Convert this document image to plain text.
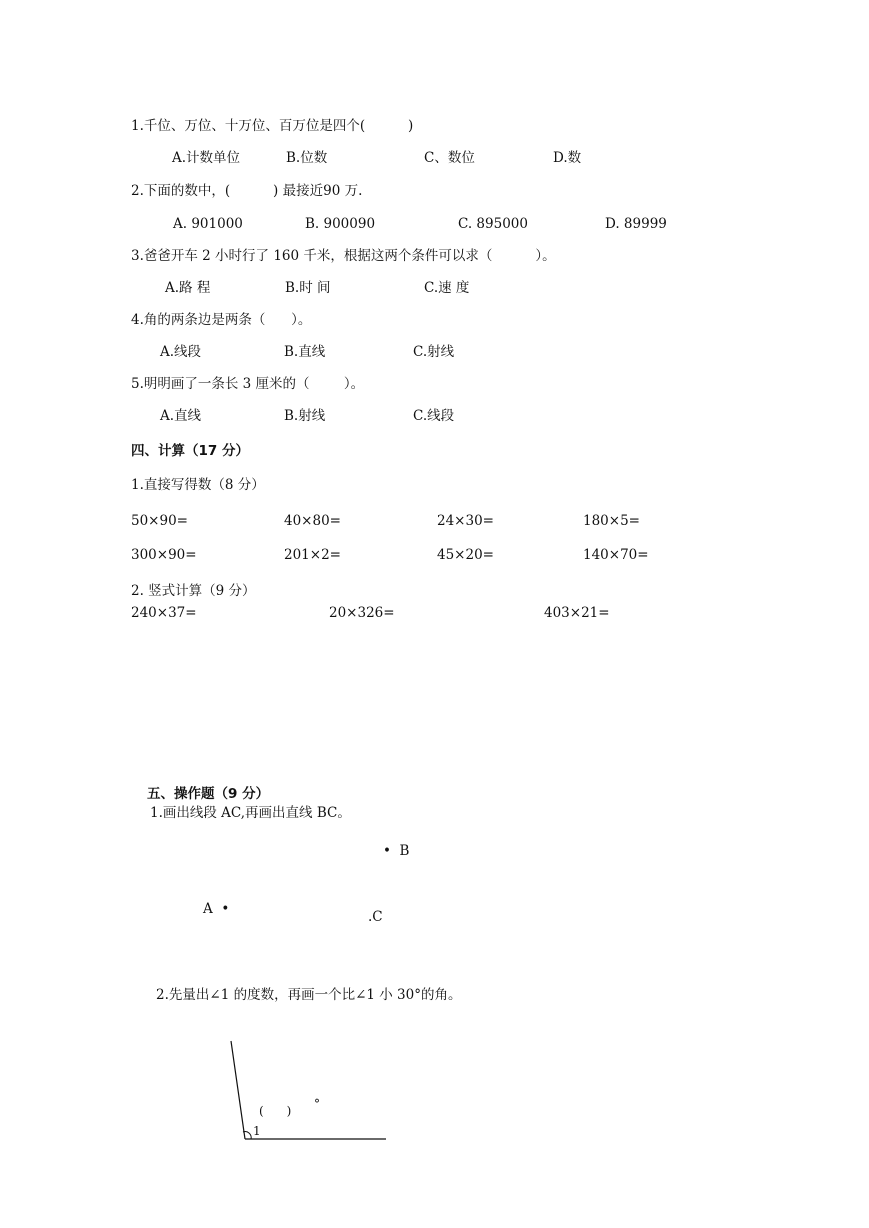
1.千位、万位、十万位、百万位是四个(          )
A.计数单位	B.位数	C、数位	D.数
2.下面的数中，(          ) 最接近90 万.
A. 901000	B. 900090	C. 895000	D. 89999
3.爸爸开车 2 小时行了 160 千米，根据这两个条件可以求（          ）。
A.路 程	B.时 间	C.速 度
4.角的两条边是两条（      ）。
A.线段	B.直线	C.射线
5.明明画了一条长 3 厘米的（        ）。
A.直线	B.射线	C.线段
四、计算（17 分）
1.直接写得数（8 分）
50×90=	40×80=	24×30=	180×5=
300×90=	201×2=	45×20=	140×70=
2. 竖式计算（9 分）
240×37=	20×326=	403×21=
五、操作题（9 分）
1.画出线段 AC,再画出直线 BC。
•  B
A  •	.C
2.先量出∠1 的度数，再画一个比∠1 小 30°的角。
(      ) °
1
